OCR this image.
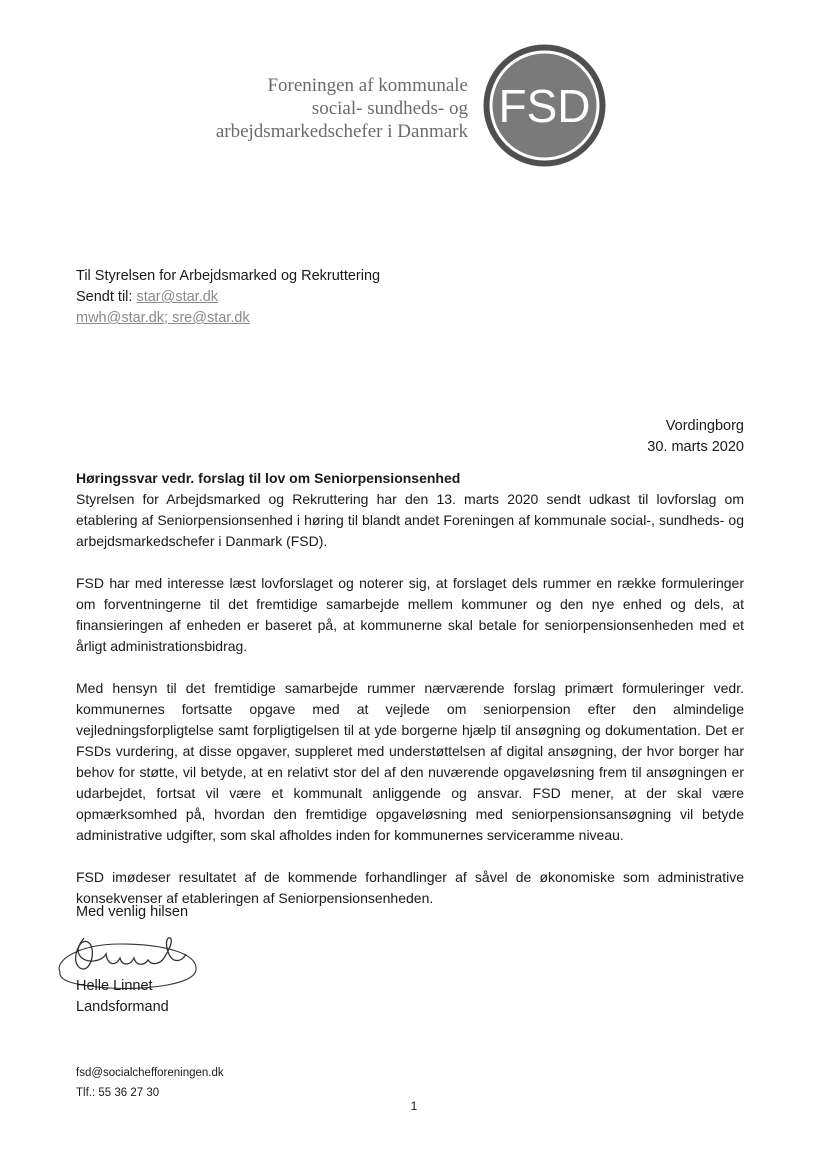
Foreningen af kommunale
social- sundheds- og
arbejdsmarkedschefer i Danmark FSD
Til Styrelsen for Arbejdsmarked og Rekruttering
Sendt til: star@star.dk
mwh@star.dk; sre@star.dk
Vordingborg
30. marts 2020

Høringssvar vedr. forslag til lov om Seniorpensionsenhed

Styrelsen for Arbejdsmarked og Rekruttering har den 13. marts 2020 sendt udkast til lovforslag om etablering af Seniorpensionsenhed i høring til blandt andet Foreningen af kommunale social-, sundheds- og arbejdsmarkedschefer i Danmark (FSD).

FSD har med interesse læst lovforslaget og noterer sig, at forslaget dels rummer en række formuleringer om forventningerne til det fremtidige samarbejde mellem kommuner og den nye enhed og dels, at finansieringen af enheden er baseret på, at kommunerne skal betale for seniorpensionsenheden med et årligt administrationsbidrag.

Med hensyn til det fremtidige samarbejde rummer nærværende forslag primært formuleringer vedr. kommunernes fortsatte opgave med at vejlede om seniorpension efter den almindelige vejledningsforpligtelse samt forpligtigelsen til at yde borgerne hjælp til ansøgning og dokumentation. Det er FSDs vurdering, at disse opgaver, suppleret med understøttelsen af digital ansøgning, der hvor borger har behov for støtte, vil betyde, at en relativt stor del af den nuværende opgaveløsning frem til ansøgningen er udarbejdet, fortsat vil være et kommunalt anliggende og ansvar. FSD mener, at der skal være opmærksomhed på, hvordan den fremtidige opgaveløsning med seniorpensionsansøgning vil betyde administrative udgifter, som skal afholdes inden for kommunernes serviceramme niveau.

FSD imødeser resultatet af de kommende forhandlinger af såvel de økonomiske som administrative konsekvenser af etableringen af Seniorpensionsenheden.

Med venlig hilsen
Helle Linnet
Landsformand
fsd@socialchefforeningen.dk
Tlf.: 55 36 27 30
1
